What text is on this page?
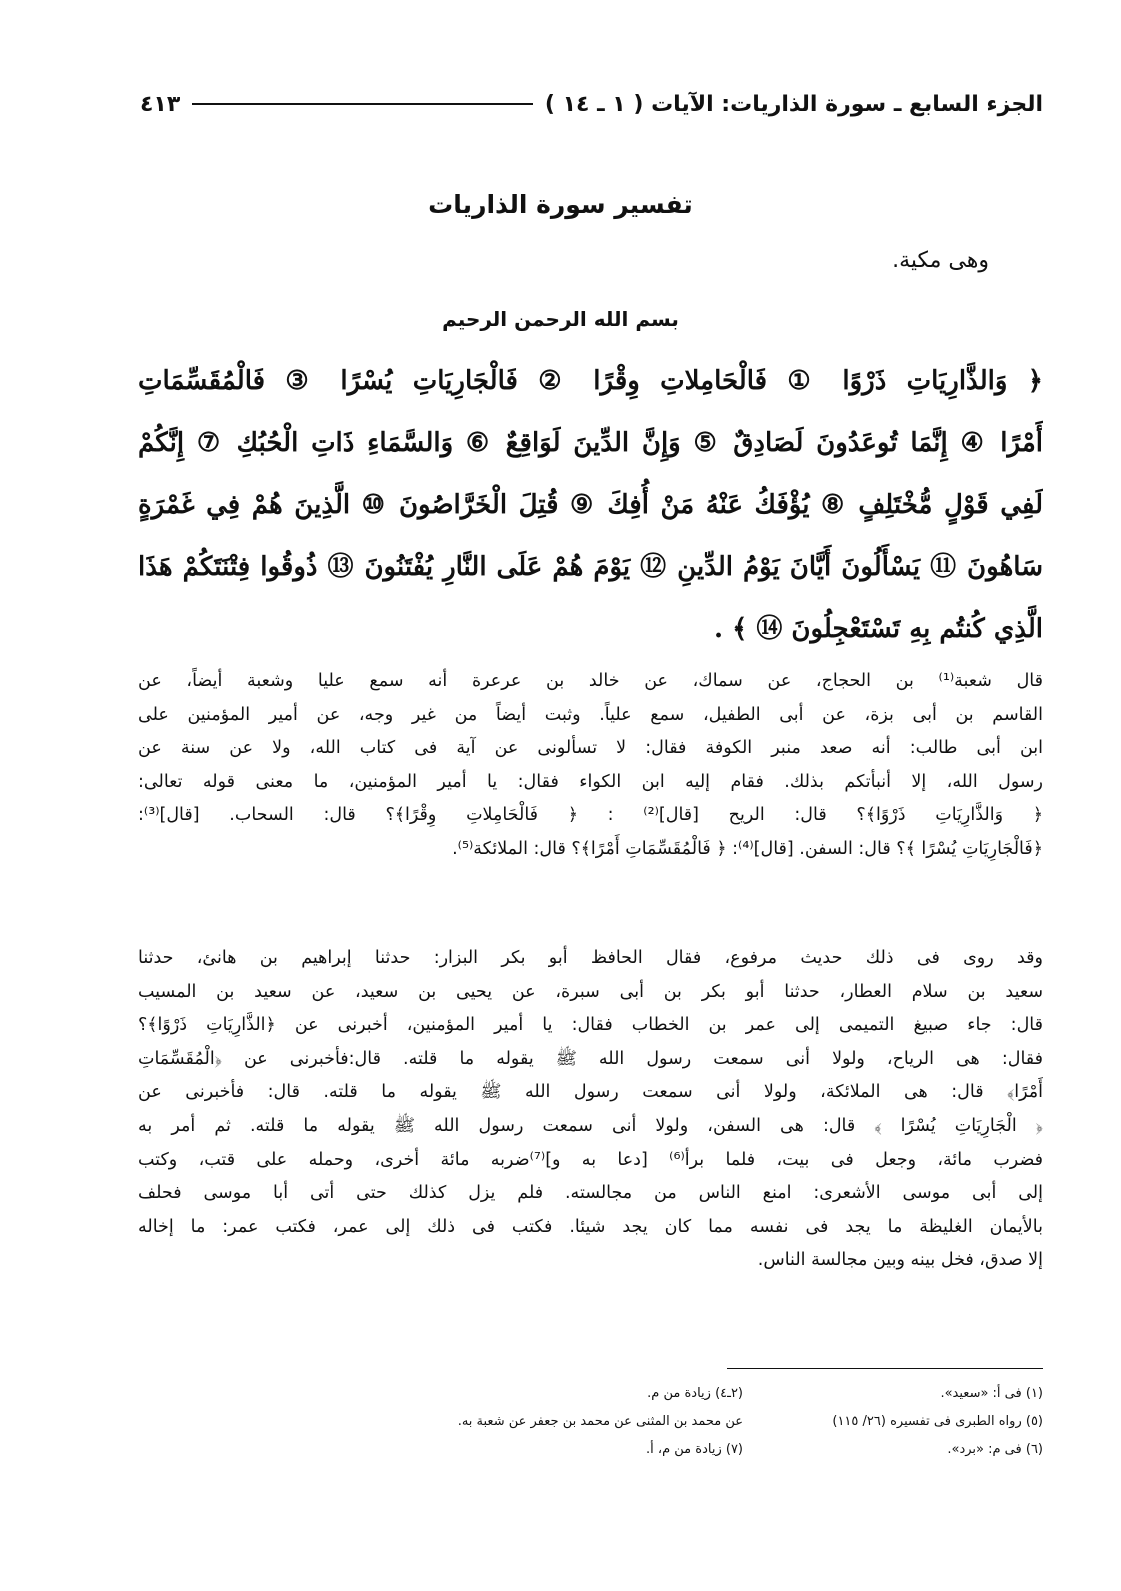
الجزء السابع ـ سورة الذاريات: الآيات ( ١ ـ ١٤ )
٤١٣
تفسير سورة الذاريات
وهى مكية.
بسم الله الرحمن الرحيم
﴿ وَالذَّارِيَاتِ ذَرْوًا ① فَالْحَامِلاتِ وِقْرًا ② فَالْجَارِيَاتِ يُسْرًا ③ فَالْمُقَسِّمَاتِ
أَمْرًا ④ إِنَّمَا تُوعَدُونَ لَصَادِقٌ ⑤ وَإِنَّ الدِّينَ لَوَاقِعٌ ⑥ وَالسَّمَاءِ ذَاتِ الْحُبُكِ ⑦ إِنَّكُمْ
لَفِي قَوْلٍ مُّخْتَلِفٍ ⑧ يُؤْفَكُ عَنْهُ مَنْ أُفِكَ ⑨ قُتِلَ الْخَرَّاصُونَ ⑩ الَّذِينَ هُمْ فِي غَمْرَةٍ
سَاهُونَ ⑪ يَسْأَلُونَ أَيَّانَ يَوْمُ الدِّينِ ⑫ يَوْمَ هُمْ عَلَى النَّارِ يُفْتَنُونَ ⑬ ذُوقُوا فِتْنَتَكُمْ هَذَا
الَّذِي كُنتُم بِهِ تَسْتَعْجِلُونَ ⑭ ﴾ .
قال شعبة⁽¹⁾ بن الحجاج، عن سماك، عن خالد بن عرعرة أنه سمع عليا وشعبة أيضاً، عن
القاسم بن أبى بزة، عن أبى الطفيل، سمع علياً. وثبت أيضاً من غير وجه، عن أمير المؤمنين على
ابن أبى طالب: أنه صعد منبر الكوفة فقال: لا تسألونى عن آية فى كتاب الله، ولا عن سنة عن
رسول الله، إلا أنبأتكم بذلك. فقام إليه ابن الكواء فقال: يا أمير المؤمنين، ما معنى قوله تعالى:
﴿ وَالذَّارِيَاتِ ذَرْوًا﴾؟ قال: الريح [قال]⁽²⁾ : ﴿ فَالْحَامِلاتِ وِقْرًا﴾؟ قال: السحاب. [قال]⁽³⁾:
﴿فَالْجَارِيَاتِ يُسْرًا ﴾؟ قال: السفن. [قال]⁽⁴⁾: ﴿ فَالْمُقَسِّمَاتِ أَمْرًا﴾؟ قال: الملائكة⁽⁵⁾.
وقد روى فى ذلك حديث مرفوع، فقال الحافظ أبو بكر البزار: حدثنا إبراهيم بن هانئ، حدثنا
سعيد بن سلام العطار، حدثنا أبو بكر بن أبى سبرة، عن يحيى بن سعيد، عن سعيد بن المسيب
قال: جاء صبيغ التميمى إلى عمر بن الخطاب فقال: يا أمير المؤمنين، أخبرنى عن ﴿الذَّارِيَاتِ ذَرْوًا﴾؟
فقال: هى الرياح، ولولا أنى سمعت رسول الله ﷺ يقوله ما قلته. قال:فأخبرنى عن ﴿الْمُقَسِّمَاتِ
أَمْرًا﴾ قال: هى الملائكة، ولولا أنى سمعت رسول الله ﷺ يقوله ما قلته. قال: فأخبرنى عن
﴿ الْجَارِيَاتِ يُسْرًا ﴾ قال: هى السفن، ولولا أنى سمعت رسول الله ﷺ يقوله ما قلته. ثم أمر به
فضرب مائة، وجعل فى بيت، فلما برأ⁽⁶⁾ [دعا به و]⁽⁷⁾ضربه مائة أخرى، وحمله على قتب، وكتب
إلى أبى موسى الأشعرى: امنع الناس من مجالسته. فلم يزل كذلك حتى أتى أبا موسى فحلف
بالأيمان الغليظة ما يجد فى نفسه مما كان يجد شيئا. فكتب فى ذلك إلى عمر، فكتب عمر: ما إخاله
إلا صدق، فخل بينه وبين مجالسة الناس.
(١) فى أ: «سعيد».
(٢ـ٤) زيادة من م.
(٥) رواه الطبرى فى تفسيره (٢٦/ ١١٥)
عن محمد بن المثنى عن محمد بن جعفر عن شعبة به.
(٦) فى م: «برد».
(٧) زيادة من م، أ.
